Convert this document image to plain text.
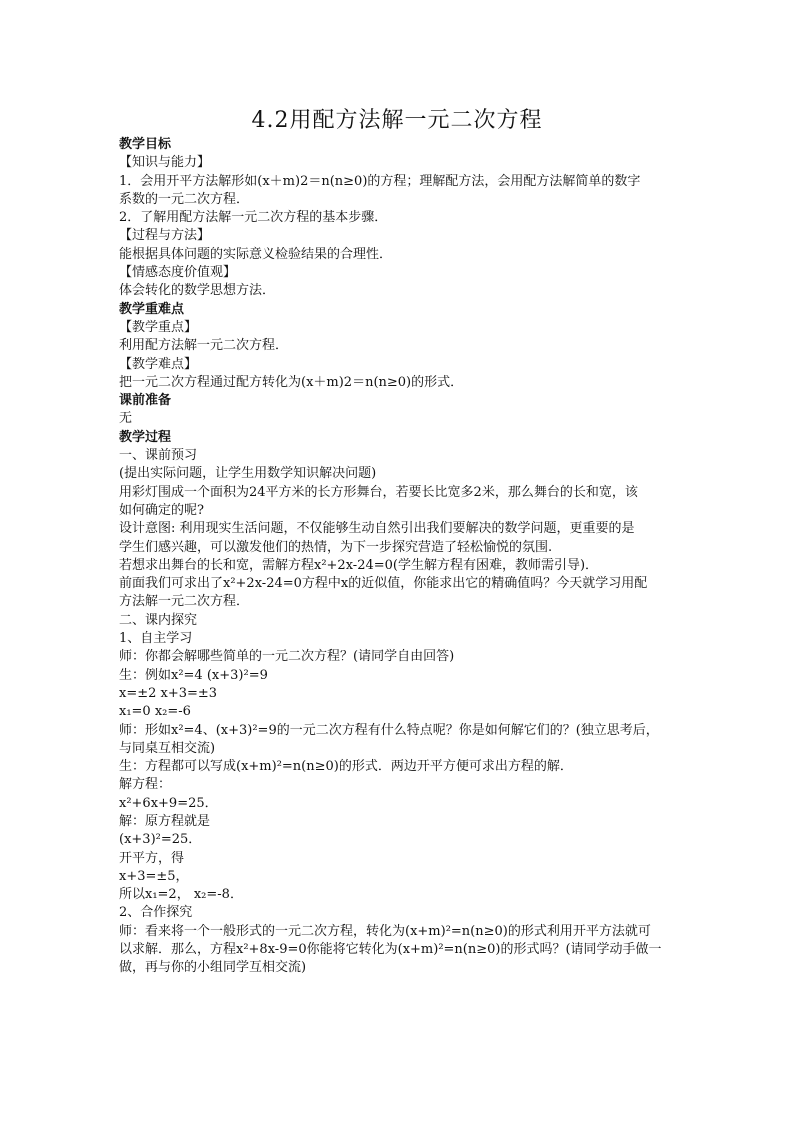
4.2用配方法解一元二次方程

教学目标

【知识与能力】

1．会用开平方法解形如(x＋m)2＝n(n≥0)的方程；理解配方法，会用配方法解简单的数字

系数的一元二次方程．

2．了解用配方法解一元二次方程的基本步骤．

【过程与方法】

能根据具体问题的实际意义检验结果的合理性．

【情感态度价值观】

体会转化的数学思想方法．

教学重难点

【教学重点】

利用配方法解一元二次方程．

【教学难点】

把一元二次方程通过配方转化为(x＋m)2＝n(n≥0)的形式．

课前准备

无

教学过程

一、课前预习

(提出实际问题，让学生用数学知识解决问题)

用彩灯围成一个面积为24平方米的长方形舞台，若要长比宽多2米，那么舞台的长和宽，该

如何确定的呢?

设计意图: 利用现实生活问题，不仅能够生动自然引出我们要解决的数学问题，更重要的是

学生们感兴趣，可以激发他们的热情，为下一步探究营造了轻松愉悦的氛围.

若想求出舞台的长和宽，需解方程x²+2x-24=0(学生解方程有困难，教师需引导)．

前面我们可求出了x²+2x-24=0方程中x的近似值，你能求出它的精确值吗？今天就学习用配

方法解一元二次方程．

二、课内探究

1、自主学习

师：你都会解哪些简单的一元二次方程？(请同学自由回答)

生：例如x²=4 (x+3)²=9

x=±2 x+3=±3

x₁=0 x₂=-6

师：形如x²=4、(x+3)²=9的一元二次方程有什么特点呢？你是如何解它们的？(独立思考后，

与同桌互相交流)

生：方程都可以写成(x+m)²=n(n≥0)的形式．两边开平方便可求出方程的解．

解方程：

x²+6x+9=25．

解：原方程就是

(x+3)²=25．

开平方，得

x+3=±5，

所以x₁=2， x₂=-8．

2、合作探究

师：看来将一个一般形式的一元二次方程，转化为(x+m)²=n(n≥0)的形式利用开平方法就可

以求解．那么，方程x²+8x-9=0你能将它转化为(x+m)²=n(n≥0)的形式吗？(请同学动手做一

做，再与你的小组同学互相交流)
